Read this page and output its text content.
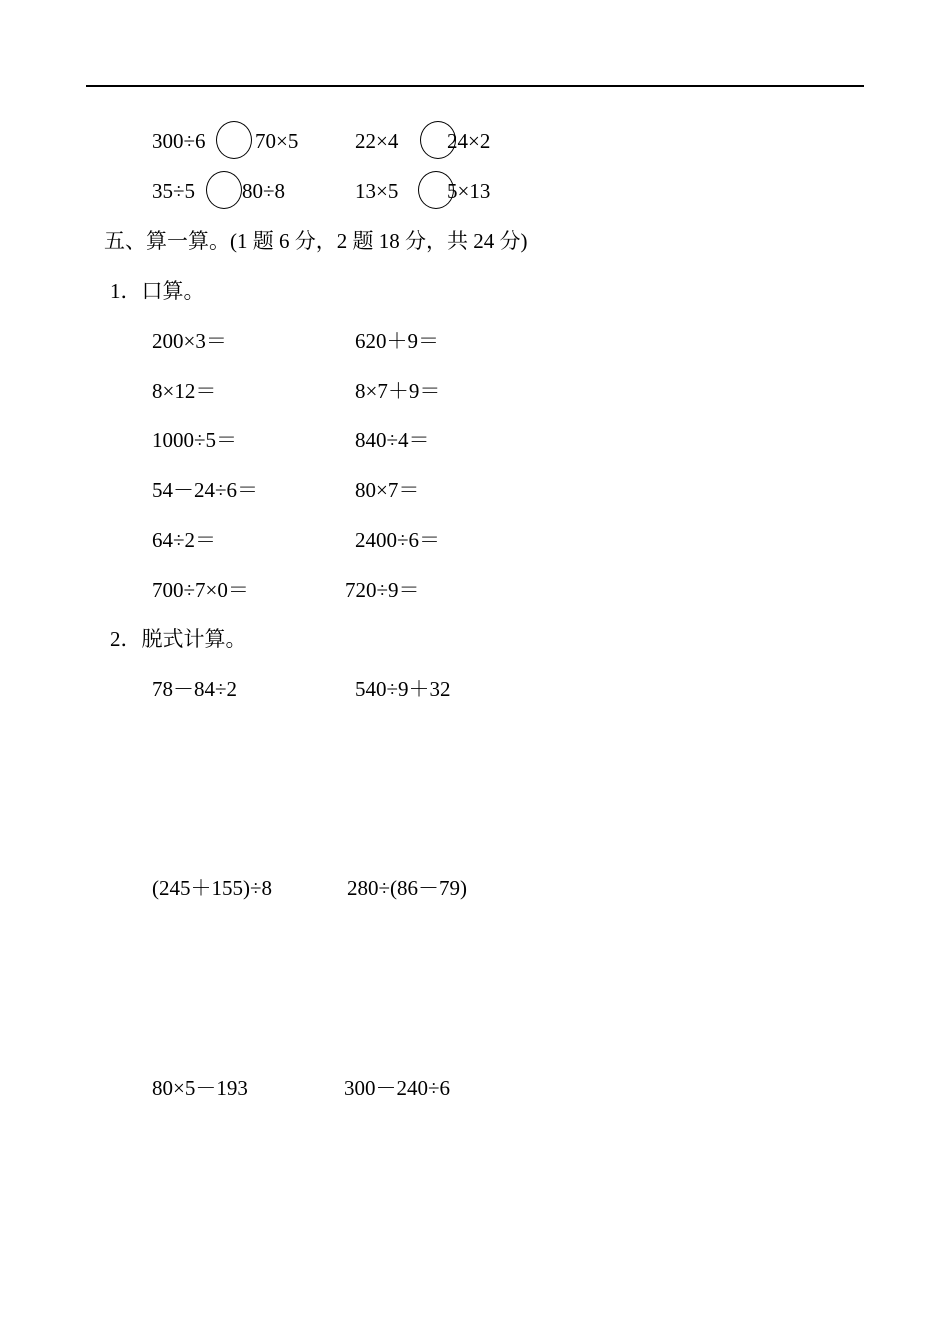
300÷6 70×5	22×4 24×2
35÷5 80÷8	13×5 5×13
五、算一算。(1 题 6 分，2 题 18 分，共 24 分)
1．口算。
200×3＝	620＋9＝
8×12＝	8×7＋9＝
1000÷5＝	840÷4＝
54－24÷6＝	80×7＝
64÷2＝	2400÷6＝
700÷7×0＝	720÷9＝
2．脱式计算。
78－84÷2	540÷9＋32
(245＋155)÷8	280÷(86－79)
80×5－193	300－240÷6
